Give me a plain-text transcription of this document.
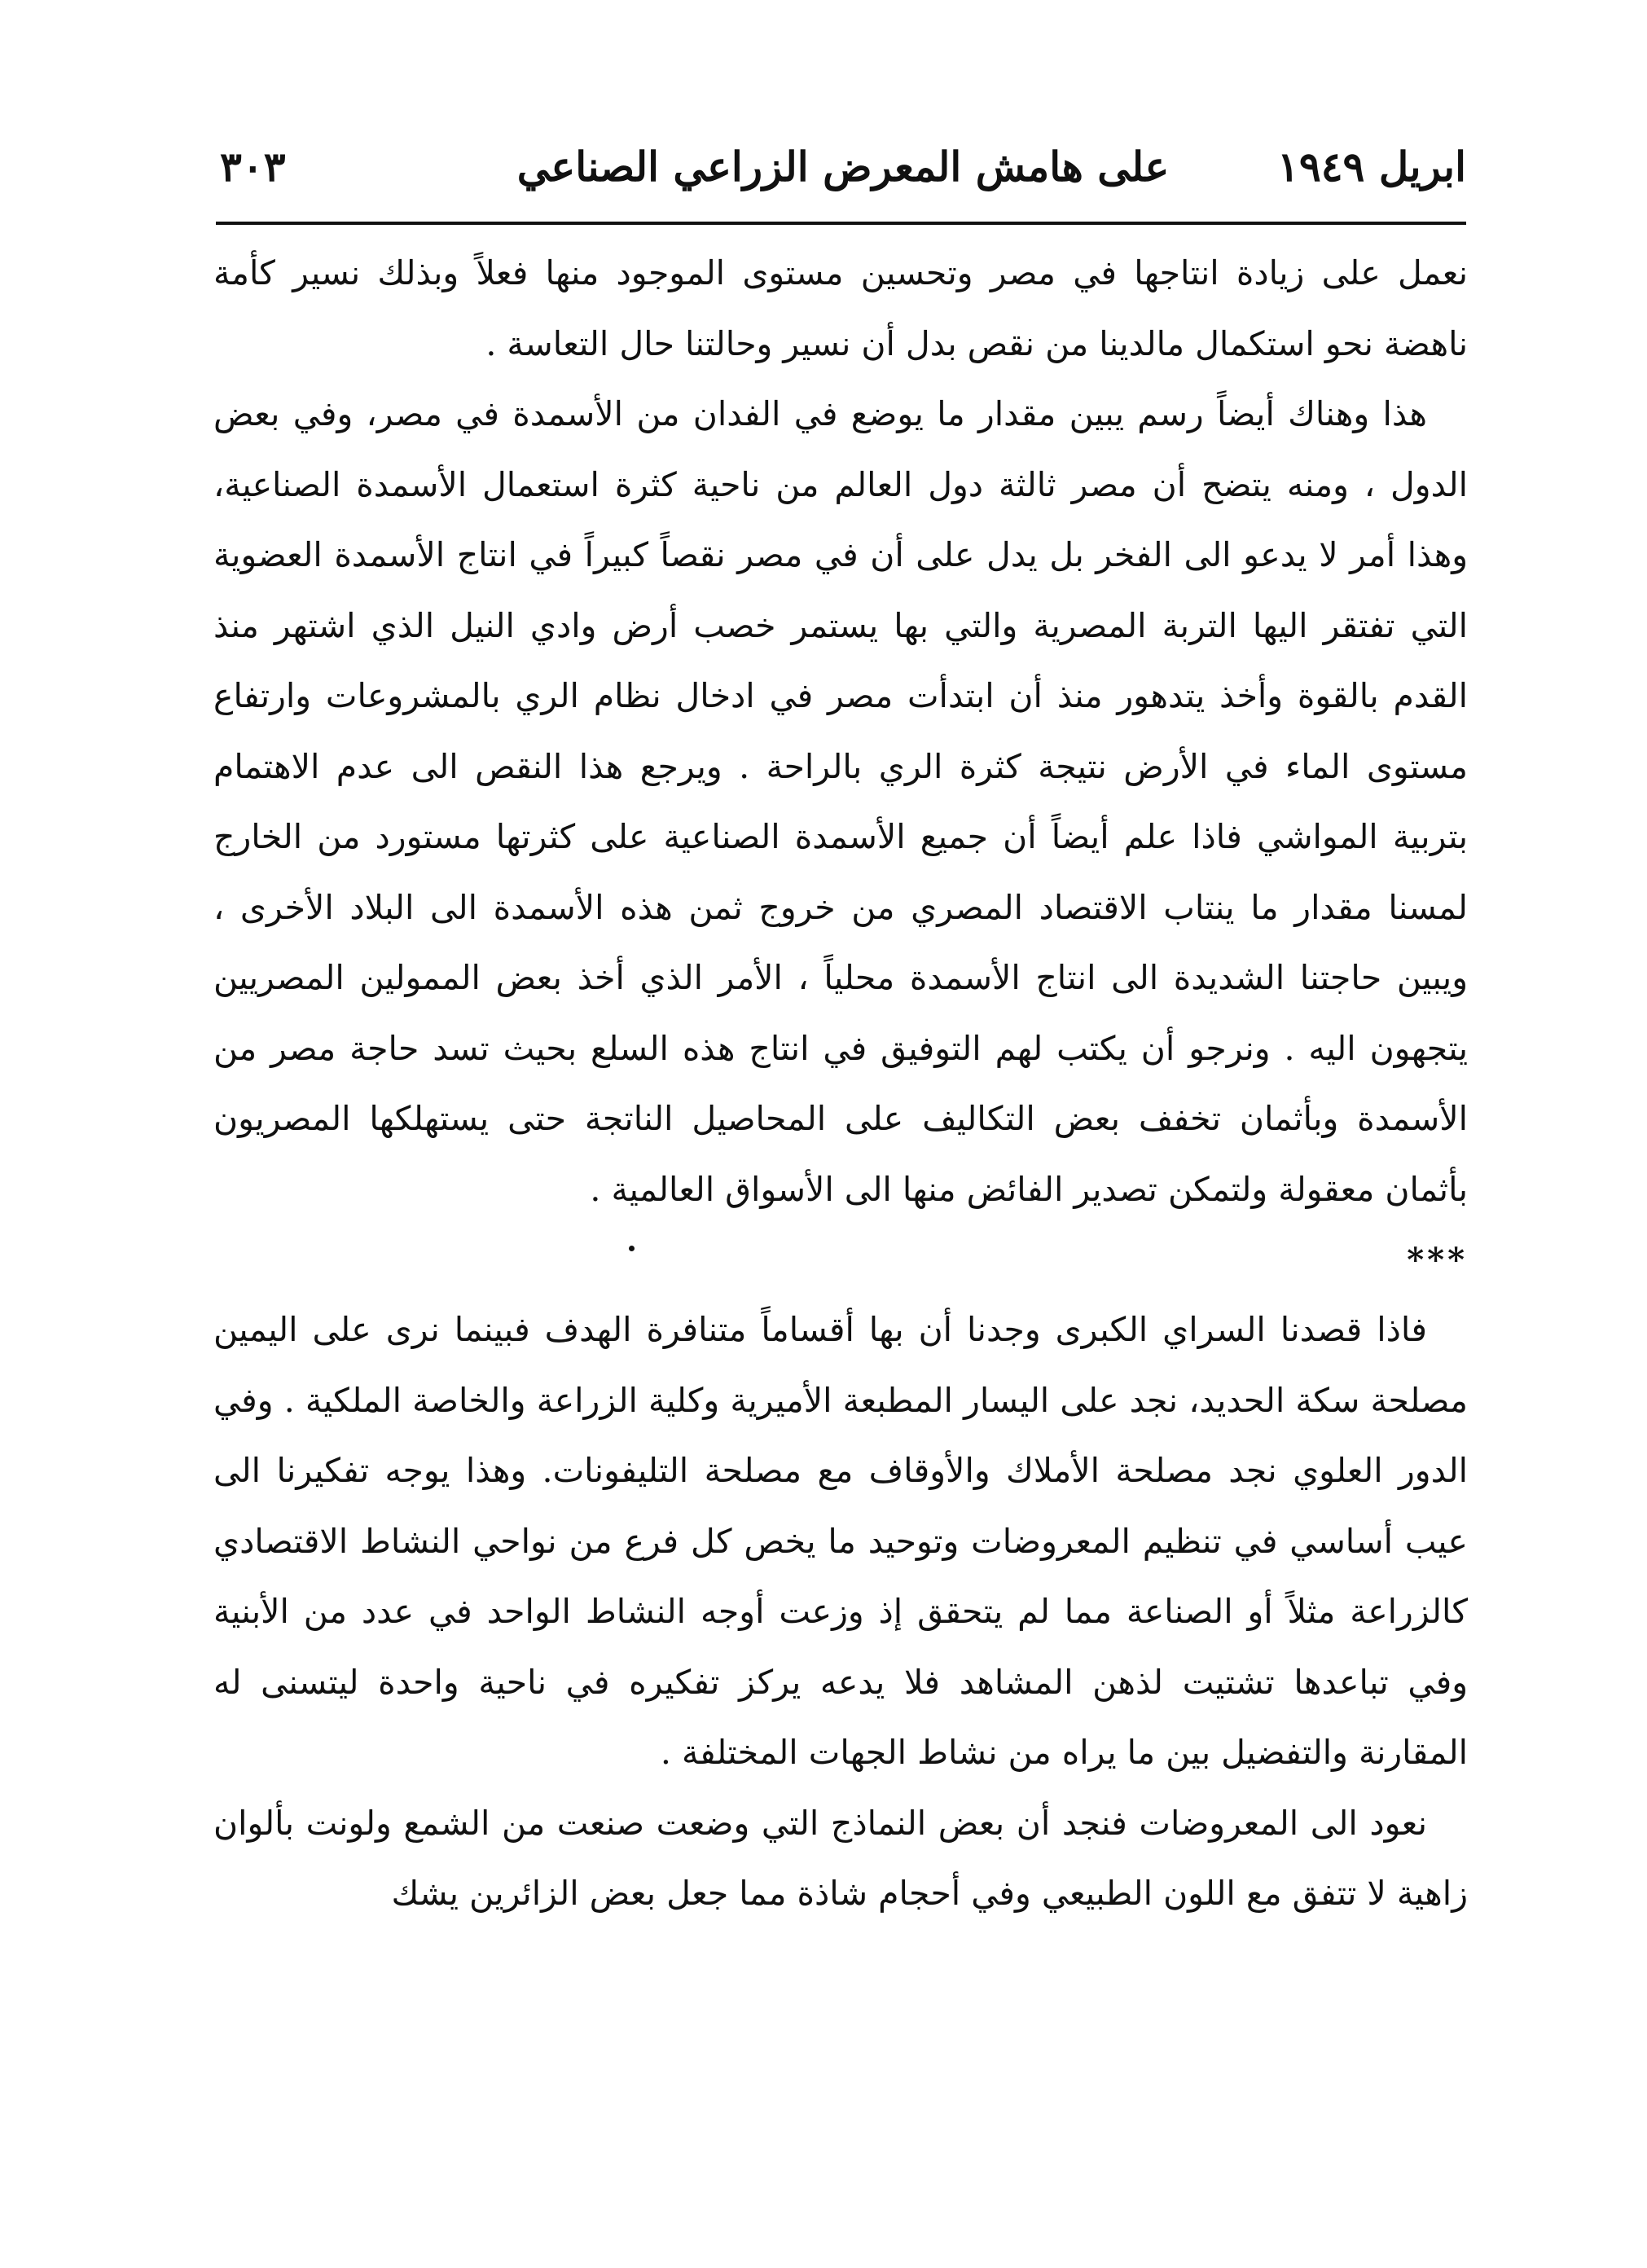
ابريل ١٩٤٩
على هامش المعرض الزراعي الصناعي
٣٠٣

نعمل على زيادة انتاجها في مصر وتحسين مستوى الموجود منها فعلاً وبذلك نسير كأمة ناهضة نحو استكمال مالدينا من نقص بدل أن نسير وحالتنا حال التعاسة .

هذا وهناك أيضاً رسم يبين مقدار ما يوضع في الفدان من الأسمدة في مصر، وفي بعض الدول ، ومنه يتضح أن مصر ثالثة دول العالم من ناحية كثرة استعمال الأسمدة الصناعية، وهذا أمر لا يدعو الى الفخر بل يدل على أن في مصر نقصاً كبيراً في انتاج الأسمدة العضوية التي تفتقر اليها التربة المصرية والتي بها يستمر خصب أرض وادي النيل الذي اشتهر منذ القدم بالقوة وأخذ يتدهور منذ أن ابتدأت مصر في ادخال نظام الري بالمشروعات وارتفاع مستوى الماء في الأرض نتيجة كثرة الري بالراحة . ويرجع هذا النقص الى عدم الاهتمام بتربية المواشي فاذا علم أيضاً أن جميع الأسمدة الصناعية على كثرتها مستورد من الخارج لمسنا مقدار ما ينتاب الاقتصاد المصري من خروج ثمن هذه الأسمدة الى البلاد الأخرى ، ويبين حاجتنا الشديدة الى انتاج الأسمدة محلياً ، الأمر الذي أخذ بعض الممولين المصريين يتجهون اليه . ونرجو أن يكتب لهم التوفيق في انتاج هذه السلع بحيث تسد حاجة مصر من الأسمدة وبأثمان تخفف بعض التكاليف على المحاصيل الناتجة حتى يستهلكها المصريون بأثمان معقولة ولتمكن تصدير الفائض منها الى الأسواق العالمية .

***

فاذا قصدنا السراي الكبرى وجدنا أن بها أقساماً متنافرة الهدف فبينما نرى على اليمين مصلحة سكة الحديد، نجد على اليسار المطبعة الأميرية وكلية الزراعة والخاصة الملكية . وفي الدور العلوي نجد مصلحة الأملاك والأوقاف مع مصلحة التليفونات. وهذا يوجه تفكيرنا الى عيب أساسي في تنظيم المعروضات وتوحيد ما يخص كل فرع من نواحي النشاط الاقتصادي كالزراعة مثلاً أو الصناعة مما لم يتحقق إذ وزعت أوجه النشاط الواحد في عدد من الأبنية وفي تباعدها تشتيت لذهن المشاهد فلا يدعه يركز تفكيره في ناحية واحدة ليتسنى له المقارنة والتفضيل بين ما يراه من نشاط الجهات المختلفة .

نعود الى المعروضات فنجد أن بعض النماذج التي وضعت صنعت من الشمع ولونت بألوان زاهية لا تتفق مع اللون الطبيعي وفي أحجام شاذة مما جعل بعض الزائرين يشك
